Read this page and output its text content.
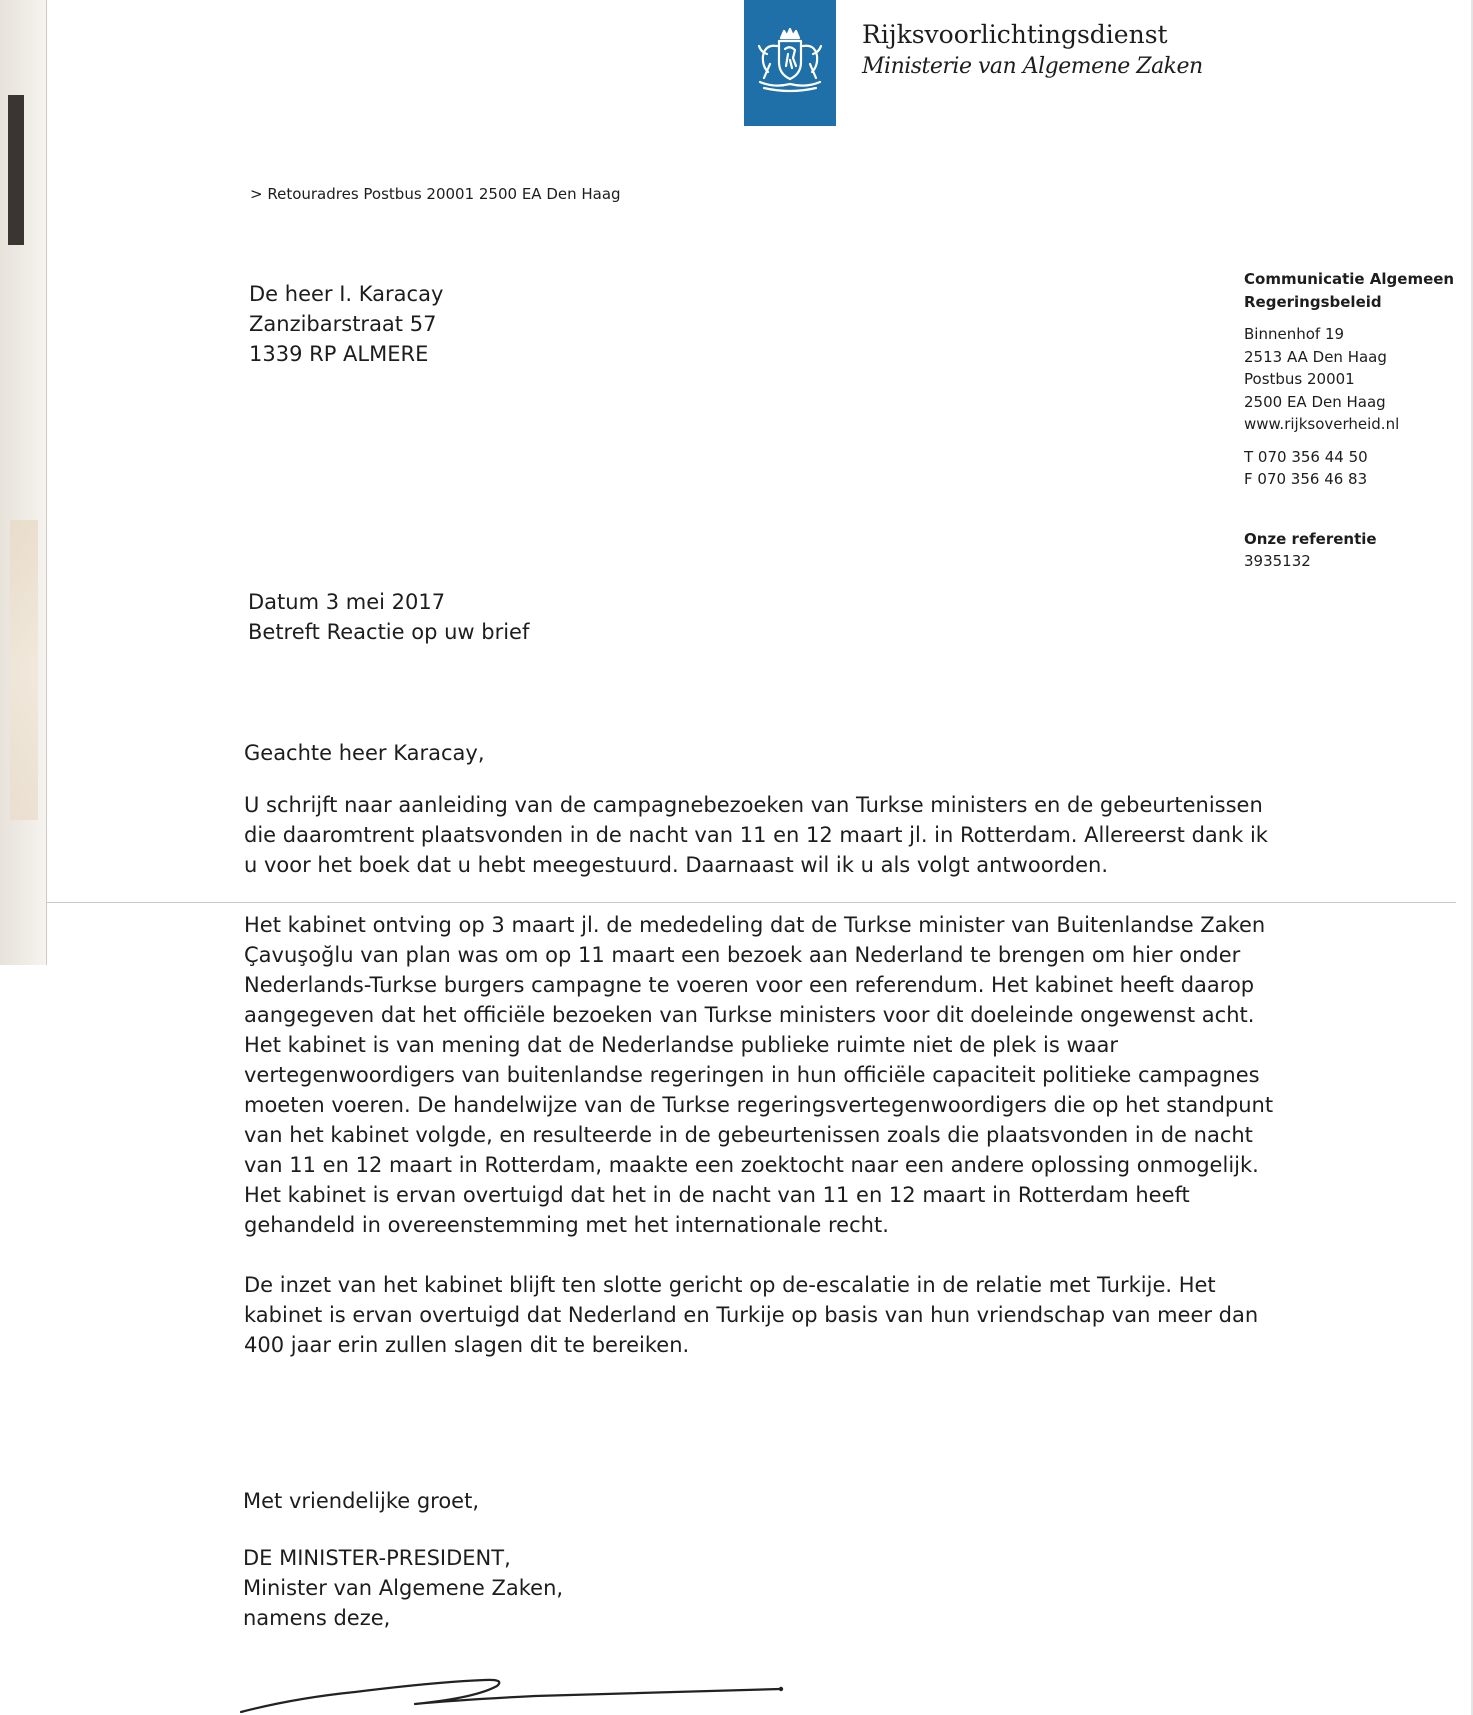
Rijksvoorlichtingsdienst
Ministerie van Algemene Zaken
> Retouradres Postbus 20001 2500 EA Den Haag
De heer I. Karacay
Zanzibarstraat 57
1339 RP ALMERE
Communicatie Algemeen
Regeringsbeleid
Binnenhof 19
2513 AA Den Haag
Postbus 20001
2500 EA Den Haag
www.rijksoverheid.nl
T 070 356 44 50
F 070 356 46 83
Onze referentie
3935132
Datum 3 mei 2017
Betreft Reactie op uw brief

Geachte heer Karacay,

U schrijft naar aanleiding van de campagnebezoeken van Turkse ministers en de gebeurtenissen die daaromtrent plaatsvonden in de nacht van 11 en 12 maart jl. in Rotterdam. Allereerst dank ik u voor het boek dat u hebt meegestuurd. Daarnaast wil ik u als volgt antwoorden.

Het kabinet ontving op 3 maart jl. de mededeling dat de Turkse minister van Buitenlandse Zaken Çavuşoğlu van plan was om op 11 maart een bezoek aan Nederland te brengen om hier onder Nederlands-Turkse burgers campagne te voeren voor een referendum. Het kabinet heeft daarop aangegeven dat het officiële bezoeken van Turkse ministers voor dit doeleinde ongewenst acht. Het kabinet is van mening dat de Nederlandse publieke ruimte niet de plek is waar vertegenwoordigers van buitenlandse regeringen in hun officiële capaciteit politieke campagnes moeten voeren. De handelwijze van de Turkse regeringsvertegenwoordigers die op het standpunt van het kabinet volgde, en resulteerde in de gebeurtenissen zoals die plaatsvonden in de nacht van 11 en 12 maart in Rotterdam, maakte een zoektocht naar een andere oplossing onmogelijk. Het kabinet is ervan overtuigd dat het in de nacht van 11 en 12 maart in Rotterdam heeft gehandeld in overeenstemming met het internationale recht.

De inzet van het kabinet blijft ten slotte gericht op de-escalatie in de relatie met Turkije. Het kabinet is ervan overtuigd dat Nederland en Turkije op basis van hun vriendschap van meer dan 400 jaar erin zullen slagen dit te bereiken.

Met vriendelijke groet,
DE MINISTER-PRESIDENT,
Minister van Algemene Zaken,
namens deze,
